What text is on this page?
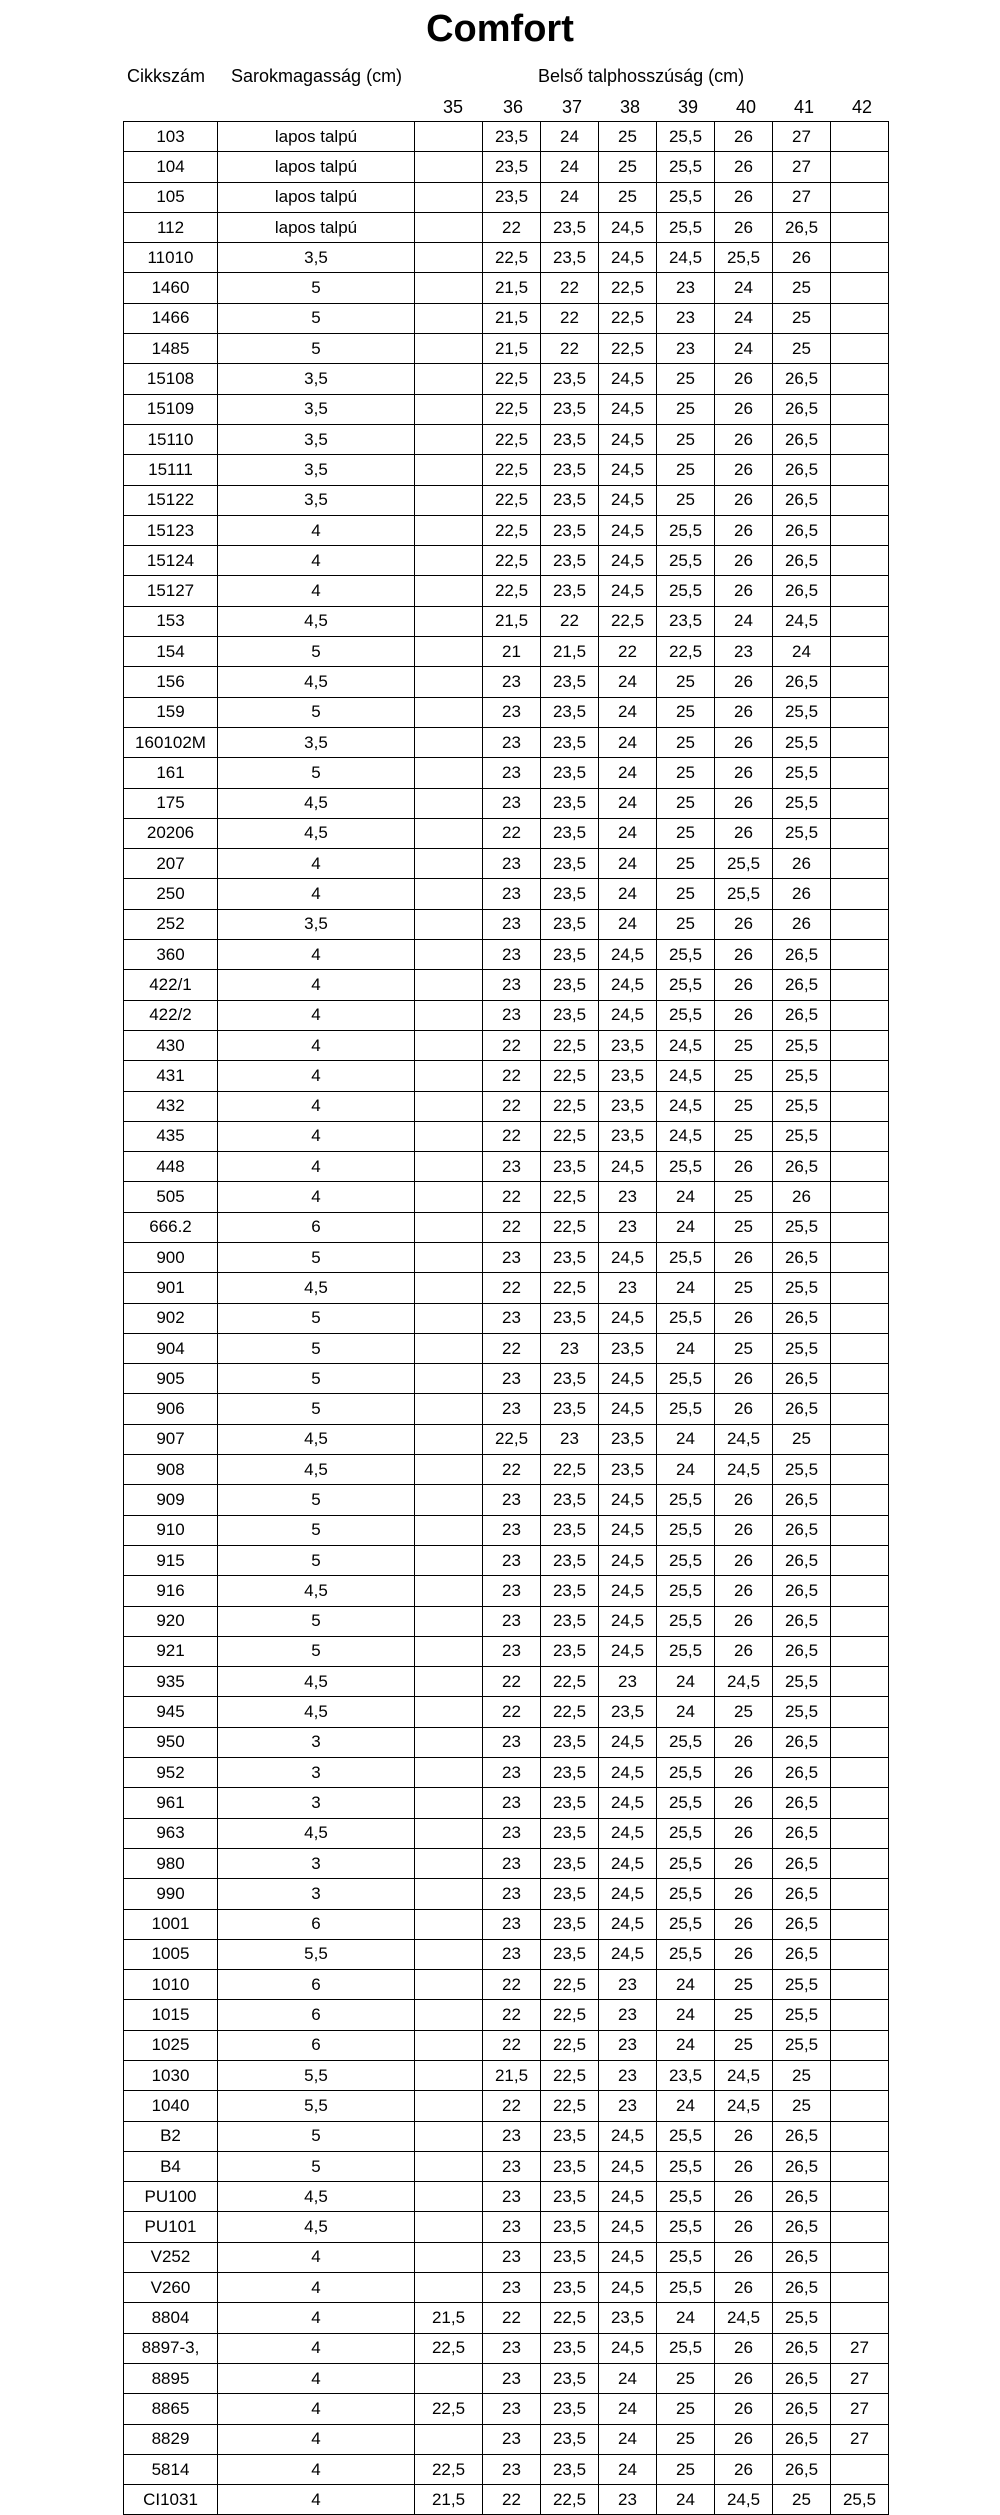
Comfort
Cikkszám Sarokmagasság (cm)	Belső talphosszúság (cm)
35 36 37 38 39 40 41 42
103	lapos talpú		23,5	24	25	25,5	26	27	
104	lapos talpú		23,5	24	25	25,5	26	27	
105	lapos talpú		23,5	24	25	25,5	26	27	
112	lapos talpú		22	23,5	24,5	25,5	26	26,5	
11010	3,5		22,5	23,5	24,5	24,5	25,5	26	
1460	5		21,5	22	22,5	23	24	25	
1466	5		21,5	22	22,5	23	24	25	
1485	5		21,5	22	22,5	23	24	25	
15108	3,5		22,5	23,5	24,5	25	26	26,5	
15109	3,5		22,5	23,5	24,5	25	26	26,5	
15110	3,5		22,5	23,5	24,5	25	26	26,5	
15111	3,5		22,5	23,5	24,5	25	26	26,5	
15122	3,5		22,5	23,5	24,5	25	26	26,5	
15123	4		22,5	23,5	24,5	25,5	26	26,5	
15124	4		22,5	23,5	24,5	25,5	26	26,5	
15127	4		22,5	23,5	24,5	25,5	26	26,5	
153	4,5		21,5	22	22,5	23,5	24	24,5	
154	5		21	21,5	22	22,5	23	24	
156	4,5		23	23,5	24	25	26	26,5	
159	5		23	23,5	24	25	26	25,5	
160102M	3,5		23	23,5	24	25	26	25,5	
161	5		23	23,5	24	25	26	25,5	
175	4,5		23	23,5	24	25	26	25,5	
20206	4,5		22	23,5	24	25	26	25,5	
207	4		23	23,5	24	25	25,5	26	
250	4		23	23,5	24	25	25,5	26	
252	3,5		23	23,5	24	25	26	26	
360	4		23	23,5	24,5	25,5	26	26,5	
422/1	4		23	23,5	24,5	25,5	26	26,5	
422/2	4		23	23,5	24,5	25,5	26	26,5	
430	4		22	22,5	23,5	24,5	25	25,5	
431	4		22	22,5	23,5	24,5	25	25,5	
432	4		22	22,5	23,5	24,5	25	25,5	
435	4		22	22,5	23,5	24,5	25	25,5	
448	4		23	23,5	24,5	25,5	26	26,5	
505	4		22	22,5	23	24	25	26	
666.2	6		22	22,5	23	24	25	25,5	
900	5		23	23,5	24,5	25,5	26	26,5	
901	4,5		22	22,5	23	24	25	25,5	
902	5		23	23,5	24,5	25,5	26	26,5	
904	5		22	23	23,5	24	25	25,5	
905	5		23	23,5	24,5	25,5	26	26,5	
906	5		23	23,5	24,5	25,5	26	26,5	
907	4,5		22,5	23	23,5	24	24,5	25	
908	4,5		22	22,5	23,5	24	24,5	25,5	
909	5		23	23,5	24,5	25,5	26	26,5	
910	5		23	23,5	24,5	25,5	26	26,5	
915	5		23	23,5	24,5	25,5	26	26,5	
916	4,5		23	23,5	24,5	25,5	26	26,5	
920	5		23	23,5	24,5	25,5	26	26,5	
921	5		23	23,5	24,5	25,5	26	26,5	
935	4,5		22	22,5	23	24	24,5	25,5	
945	4,5		22	22,5	23,5	24	25	25,5	
950	3		23	23,5	24,5	25,5	26	26,5	
952	3		23	23,5	24,5	25,5	26	26,5	
961	3		23	23,5	24,5	25,5	26	26,5	
963	4,5		23	23,5	24,5	25,5	26	26,5	
980	3		23	23,5	24,5	25,5	26	26,5	
990	3		23	23,5	24,5	25,5	26	26,5	
1001	6		23	23,5	24,5	25,5	26	26,5	
1005	5,5		23	23,5	24,5	25,5	26	26,5	
1010	6		22	22,5	23	24	25	25,5	
1015	6		22	22,5	23	24	25	25,5	
1025	6		22	22,5	23	24	25	25,5	
1030	5,5		21,5	22,5	23	23,5	24,5	25	
1040	5,5		22	22,5	23	24	24,5	25	
B2	5		23	23,5	24,5	25,5	26	26,5	
B4	5		23	23,5	24,5	25,5	26	26,5	
PU100	4,5		23	23,5	24,5	25,5	26	26,5	
PU101	4,5		23	23,5	24,5	25,5	26	26,5	
V252	4		23	23,5	24,5	25,5	26	26,5	
V260	4		23	23,5	24,5	25,5	26	26,5	
8804	4	21,5	22	22,5	23,5	24	24,5	25,5	
8897-3,	4	22,5	23	23,5	24,5	25,5	26	26,5	27
8895	4		23	23,5	24	25	26	26,5	27
8865	4	22,5	23	23,5	24	25	26	26,5	27
8829	4		23	23,5	24	25	26	26,5	27
5814	4	22,5	23	23,5	24	25	26	26,5	
CI1031	4	21,5	22	22,5	23	24	24,5	25	25,5
